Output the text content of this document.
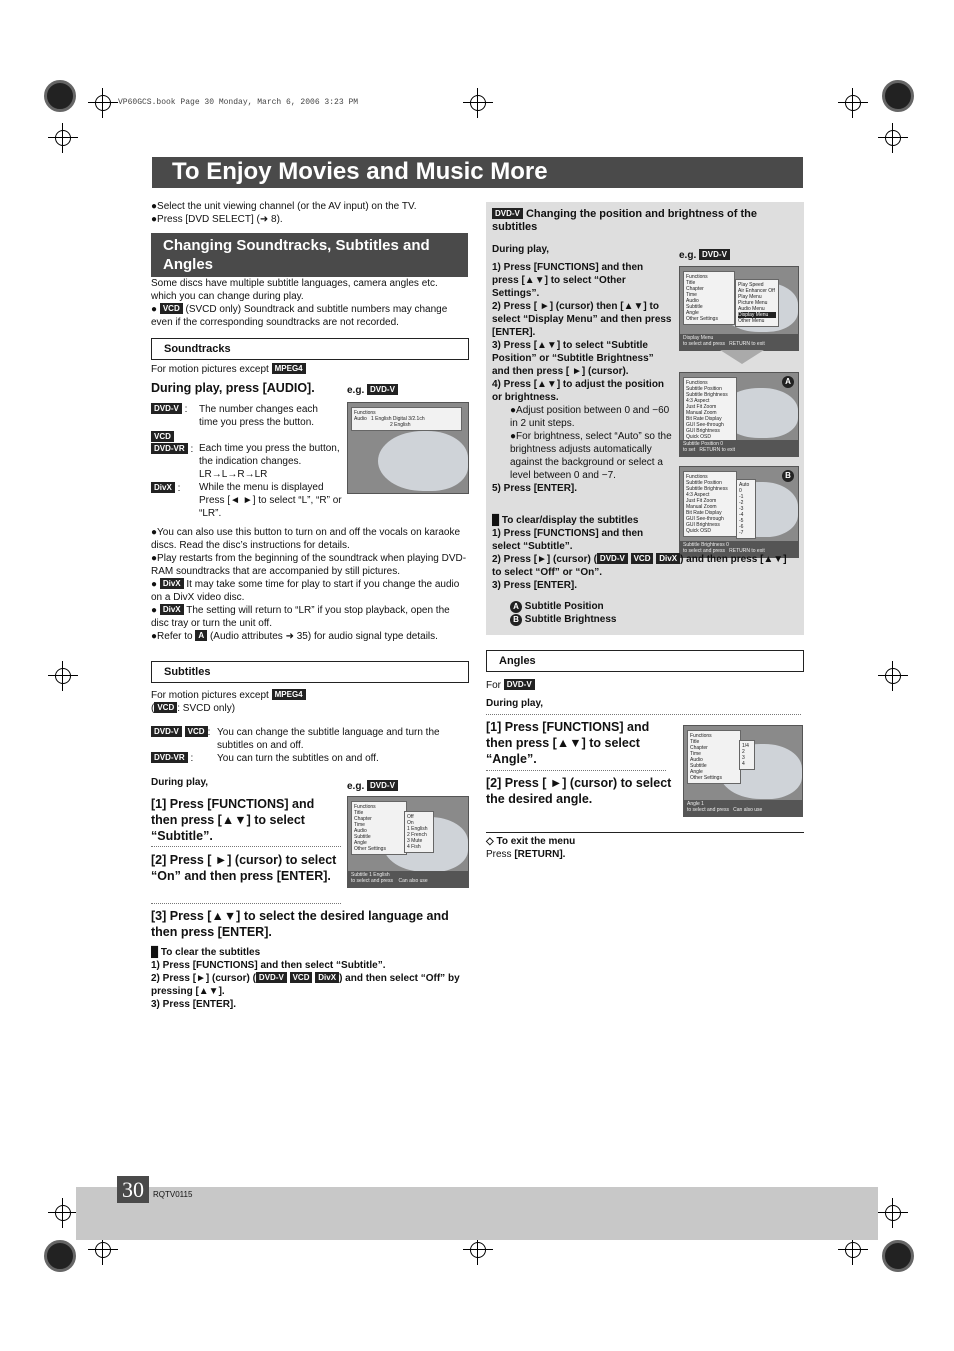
VP60GCS.book Page 30 Monday, March 6, 2006 3:23 PM
To Enjoy Movies and Music More
●Select the unit viewing channel (or the AV input) on the TV.
●Press [DVD SELECT] (➜ 8).
Changing Soundtracks, Subtitles and Angles
Some discs have multiple subtitle languages, camera angles etc. which you can change during play.
● VCD (SVCD only) Soundtrack and subtitle numbers may change even if the corresponding soundtracks are not recorded.
Soundtracks
For motion pictures except MPEG4
During play, press [AUDIO].	e.g. DVD-V
DVD-V : The number changes each time you press the button.
VCD
DVD-VR : Each time you press the button, the indication changes. LR→L→R→LR
DivX : While the menu is displayed Press [◄ ►] to select “L”, “R” or “LR”.
Functions
Audio 1 English Digital 3/2.1ch
2 English
●You can also use this button to turn on and off the vocals on karaoke discs. Read the disc’s instructions for details.
●Play restarts from the beginning of the soundtrack when playing DVD-RAM soundtracks that are accompanied by still pictures.
● DivX It may take some time for play to start if you change the audio on a DivX video disc.
● DivX The setting will return to “LR” if you stop playback, open the disc tray or turn the unit off.
●Refer to A (Audio attributes ➜ 35) for audio signal type details.
Subtitles
For motion pictures except MPEG4
( VCD : SVCD only)
DVD-V VCD : You can change the subtitle language and turn the subtitles on and off.
DVD-VR : You can turn the subtitles on and off.
During play,	e.g. DVD-V
[1] Press [FUNCTIONS] and then press [▲▼] to select “Subtitle”.
[2] Press [ ►] (cursor) to select “On” and then press [ENTER].
Functions
Title
Chapter
Time
Audio
Subtitle
Angle
Other Settings
Off
On
1 English
2 French
3 Mute
4 Fish
Subtitle 1 English
to select and press Can also use
[3] Press [▲▼] to select the desired language and then press [ENTER].
█ To clear the subtitles
1) Press [FUNCTIONS] and then select “Subtitle”.
2) Press [►] (cursor) ( DVD-V VCD DivX ) and then select “Off” by pressing [▲▼].
3) Press [ENTER].
DVD-V Changing the position and brightness of the subtitles
During play,
e.g. DVD-V
1) Press [FUNCTIONS] and then press [▲▼] to select “Other Settings”.
2) Press [ ►] (cursor) then [▲▼] to select “Display Menu” and then press [ENTER].
3) Press [▲▼] to select “Subtitle Position” or “Subtitle Brightness” and then press [ ►] (cursor).
4) Press [▲▼] to adjust the position or brightness.
●Adjust position between 0 and −60 in 2 unit steps.
●For brightness, select “Auto” so the brightness adjusts automatically against the background or select a level between 0 and −7.
5) Press [ENTER].
Functions
Title
Chapter
Time
Audio
Subtitle
Angle
Other Settings
Play Speed
Air Enhancer Off
Play Menu
Picture Menu
Audio Menu
Display Menu
Other Menu
Display Menu
to select and press RETURN to exit
Functions
Subtitle Position
Subtitle Brightness
4:3 Aspect
Just Fit Zoom
Manual Zoom
Bit Rate Display
GUI See-through
GUI Brightness
Quick OSD
A
Subtitle Position 0
to set RETURN to exit
Functions
Subtitle Position
Subtitle Brightness
4:3 Aspect
Just Fit Zoom
Manual Zoom
Bit Rate Display
GUI See-through
GUI Brightness
Quick OSD
Auto
0
-1
-2
-3
-4
-5
-6
-7
B
Subtitle Brightness 0
to select and press RETURN to exit
█ To clear/display the subtitles
1) Press [FUNCTIONS] and then select “Subtitle”.
2) Press [►] (cursor) ( DVD-V VCD DivX ) and then press [▲▼] to select “Off” or “On”.
3) Press [ENTER].
A Subtitle Position
B Subtitle Brightness
Angles
For DVD-V
During play,
[1] Press [FUNCTIONS] and then press [▲▼] to select “Angle”.
[2] Press [ ►] (cursor) to select the desired angle.
Functions
Title
Chapter
Time
Audio
Subtitle
Angle
Other Settings
1/4
2
3
4
Angle 1
to select and press Can also use
◇ To exit the menu
Press [RETURN].
30	RQTV0115
